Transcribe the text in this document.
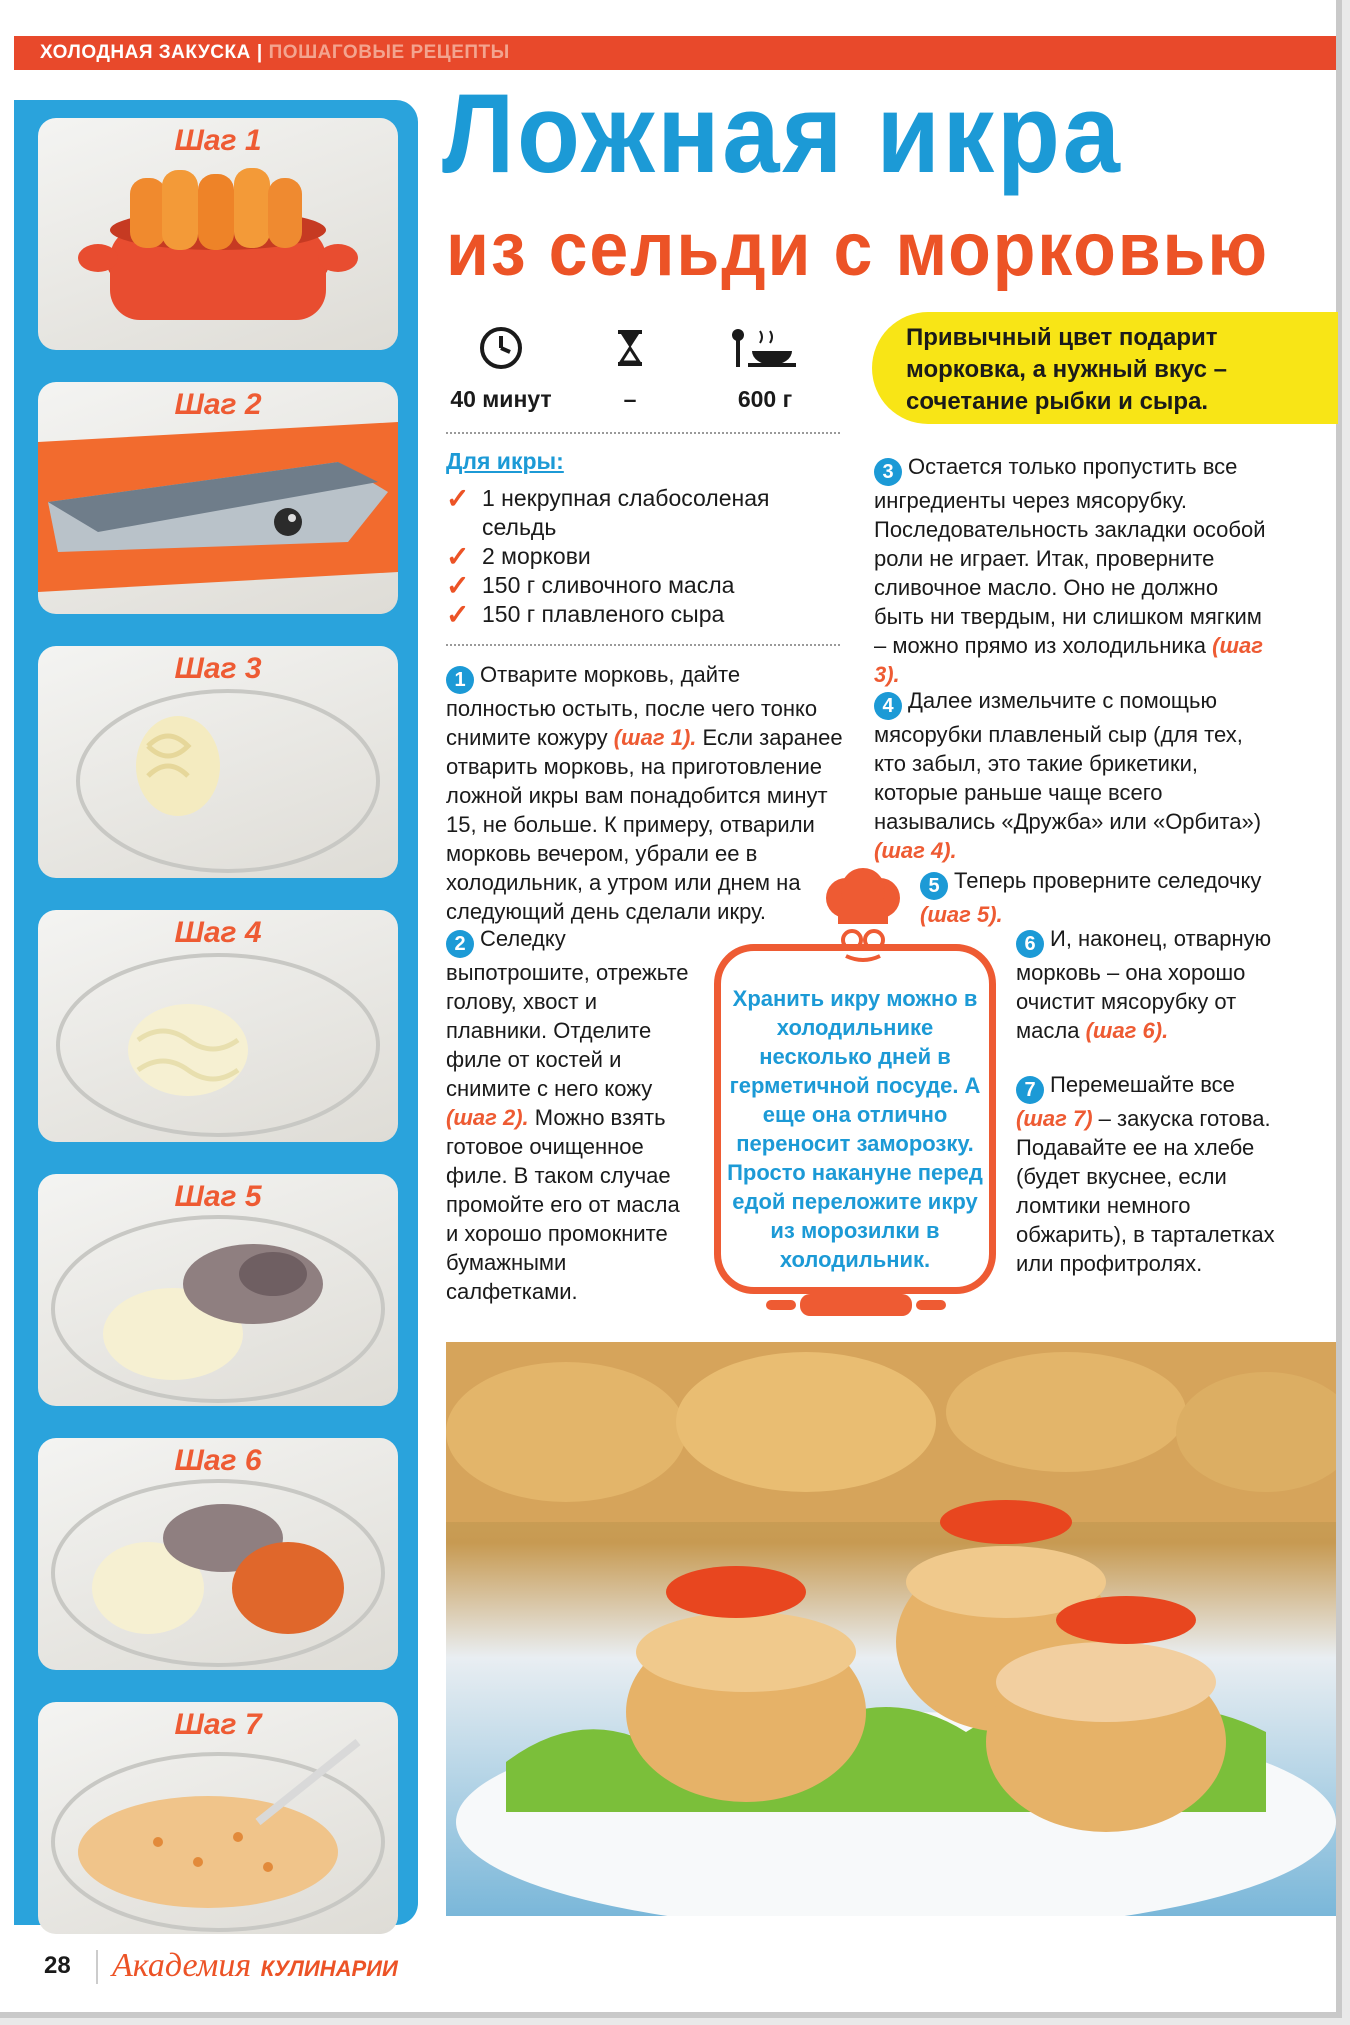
ХОЛОДНАЯ ЗАКУСКА | ПОШАГОВЫЕ РЕЦЕПТЫ
Шаг 1
Шаг 2
Шаг 3
Шаг 4
Шаг 5
Шаг 6
Шаг 7
Ложная икра
из сельди с морковью
40 минут	–	600 г
Привычный цвет подарит морковка, а нужный вкус – сочетание рыбки и сыра.
Для икры:
✓ 1 некрупная слабосоленая сельдь
✓ 2 моркови
✓ 150 г сливочного масла
✓ 150 г плавленого сыра
1 Отварите морковь, дайте полностью остыть, после чего тонко снимите кожуру (шаг 1). Если заранее отварить морковь, на приготовление ложной икры вам понадобится минут 15, не больше. К примеру, отварили морковь вечером, убрали ее в холодильник, а утром или днем на следующий день сделали икру.
2 Селедку выпотрошите, отрежьте голову, хвост и плавники. Отделите филе от костей и снимите с него кожу (шаг 2). Можно взять готовое очищенное филе. В таком случае промойте его от масла и хорошо промокните бумажными салфетками.
3 Остается только пропустить все ингредиенты через мясорубку. Последовательность закладки особой роли не играет. Итак, проверните сливочное масло. Оно не должно быть ни твердым, ни слишком мягким – можно прямо из холодильника (шаг 3).
4 Далее измельчите с помощью мясорубки плавленый сыр (для тех, кто забыл, это такие брикетики, которые раньше чаще всего назывались «Дружба» или «Орбита») (шаг 4).
5 Теперь проверните селедочку (шаг 5).
Хранить икру можно в холодильнике несколько дней в герметичной посуде. А еще она отлично переносит заморозку. Просто накануне перед едой переложите икру из морозилки в холодильник.
6 И, наконец, отварную морковь – она хорошо очистит мясорубку от масла (шаг 6).
7 Перемешайте все (шаг 7) – закуска готова. Подавайте ее на хлебе (будет вкуснее, если ломтики немного обжарить), в тарталетках или профитролях.
28 Академия КУЛИНАРИИ
